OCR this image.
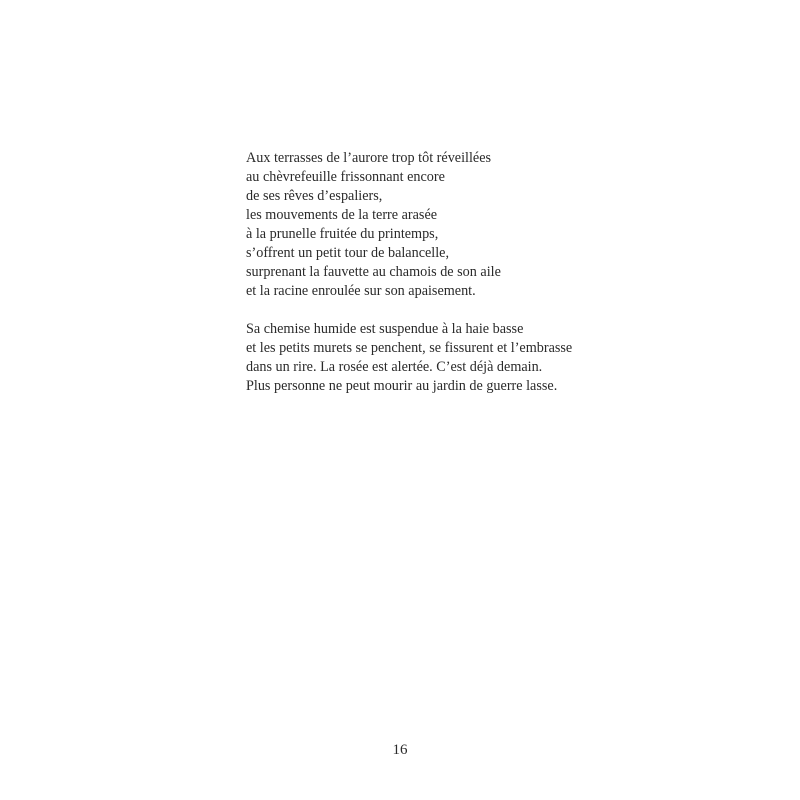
Aux terrasses de l’aurore trop tôt réveillées
au chèvrefeuille frissonnant encore
de ses rêves d’espaliers,
les mouvements de la terre arasée
à la prunelle fruitée du printemps,
s’offrent un petit tour de balancelle,
surprenant la fauvette au chamois de son aile
et la racine enroulée sur son apaisement.

Sa chemise humide est suspendue à la haie basse
et les petits murets se penchent, se fissurent et l’embrasse
dans un rire. La rosée est alertée. C’est déjà demain.
Plus personne ne peut mourir au jardin de guerre lasse.

16
